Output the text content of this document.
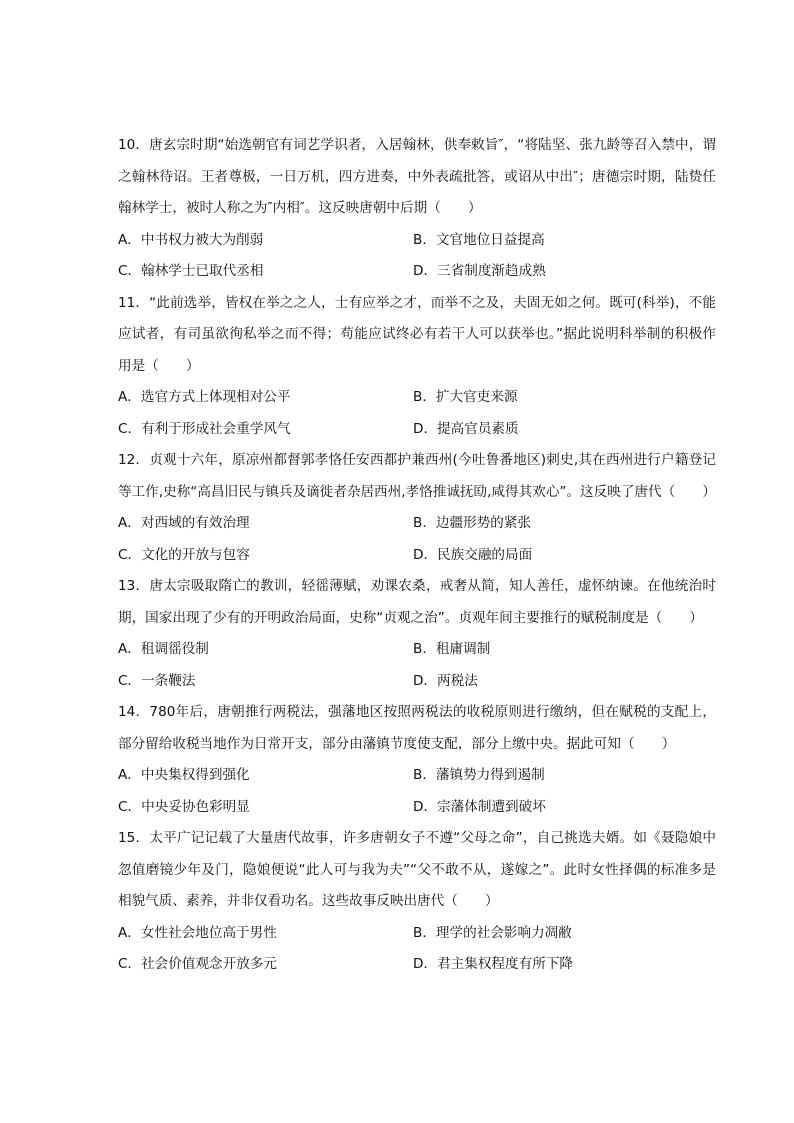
10．唐玄宗时期“始选朝官有词艺学识者，入居翰林，供奉敕旨″，“将陆坚、张九龄等召入禁中，谓之翰林待诏。王者尊极，一日万机，四方进奏，中外表疏批答，或诏从中出″；唐德宗时期，陆贽任翰林学士，被时人称之为″内相″。这反映唐朝中后期（　　）

A．中书权力被大为削弱	B．文官地位日益提高
C．翰林学士已取代丞相	D．三省制度渐趋成熟

11．“此前选举，皆权在举之之人，士有应举之才，而举不之及，夫固无如之何。既可(科举)，不能应试者，有司虽欲徇私举之而不得；苟能应试终必有若干人可以获举也。”据此说明科举制的积极作用是（　　）

A．选官方式上体现相对公平	B．扩大官吏来源
C．有利于形成社会重学风气	D．提高官员素质

12．贞观十六年，原凉州都督郭孝恪任安西都护兼西州(今吐鲁番地区)刺史,其在西州进行户籍登记等工作,史称“高昌旧民与镇兵及谪徙者杂居西州,孝恪推诚抚劻,咸得其欢心”。这反映了唐代（　　）

A．对西域的有效治理	B．边疆形势的紧张
C．文化的开放与包容	D．民族交融的局面

13．唐太宗吸取隋亡的教训，轻徭薄赋，劝课农桑，戒奢从简，知人善任，虚怀纳谏。在他统治时期，国家出现了少有的开明政治局面，史称“贞观之治”。贞观年间主要推行的赋税制度是（　　）

A．租调徭役制	B．租庸调制
C．一条鞭法	D．两税法

14．780年后，唐朝推行两税法，强藩地区按照两税法的收税原则进行缴纳，但在赋税的支配上，部分留给收税当地作为日常开支，部分由藩镇节度使支配，部分上缴中央。据此可知（　　）

A．中央集权得到强化	B．藩镇势力得到遏制
C．中央妥协色彩明显	D．宗藩体制遭到破坏

15．太平广记记载了大量唐代故事，许多唐朝女子不遵“父母之命”，自己挑选夫婿。如《聂隐娘中忽值磨镜少年及门，隐娘便说“此人可与我为夫”“父不敢不从，遂嫁之”。此时女性择偶的标准多是相貌气质、素养，并非仅看功名。这些故事反映出唐代（　　）

A．女性社会地位高于男性	B．理学的社会影响力凋敝
C．社会价值观念开放多元	D．君主集权程度有所下降
